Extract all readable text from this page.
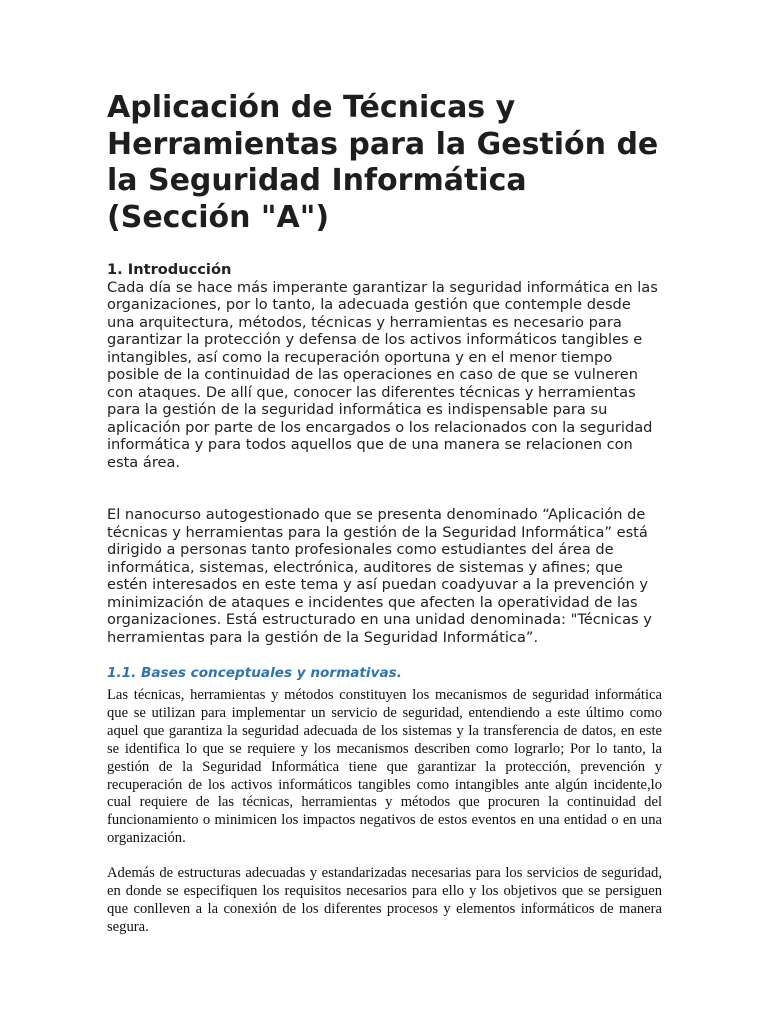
Aplicación de Técnicas y Herramientas para la Gestión de la Seguridad Informática (Sección "A")
1. Introducción

Cada día se hace más imperante garantizar la seguridad informática en las organizaciones, por lo tanto, la adecuada gestión que contemple desde una arquitectura, métodos, técnicas y herramientas es necesario para garantizar la protección y defensa de los activos informáticos tangibles e intangibles, así como la recuperación oportuna y en el menor tiempo posible de la continuidad de las operaciones en caso de que se vulneren con ataques. De allí que, conocer las diferentes técnicas y herramientas para la gestión de la seguridad informática es indispensable para su aplicación por parte de los encargados o los relacionados con la seguridad informática y para todos aquellos que de una manera se relacionen con esta área.

El nanocurso autogestionado que se presenta denominado “Aplicación de técnicas y herramientas para la gestión de la Seguridad Informática” está dirigido a personas tanto profesionales como estudiantes del área de informática, sistemas, electrónica, auditores de sistemas y afines; que estén interesados en este tema y así puedan coadyuvar a la prevención y minimización de ataques e incidentes que afecten la operatividad de las organizaciones. Está estructurado en una unidad denominada: "Técnicas y herramientas para la gestión de la Seguridad Informática”.

1.1. Bases conceptuales y normativas.

Las técnicas, herramientas y métodos constituyen los mecanismos de seguridad informática que se utilizan para implementar un servicio de seguridad, entendiendo a este último como aquel que garantiza la seguridad adecuada de los sistemas y la transferencia de datos, en este se identifica lo que se requiere y los mecanismos describen como lograrlo; Por lo tanto, la gestión de la Seguridad Informática tiene que garantizar la protección, prevención y recuperación de los activos informáticos tangibles como intangibles ante algún incidente,lo cual requiere de las técnicas, herramientas y métodos que procuren la continuidad del funcionamiento o minimicen los impactos negativos de estos eventos en una entidad o en una organización.

Además de estructuras adecuadas y estandarizadas necesarias para los servicios de seguridad, en donde se especifiquen los requisitos necesarios para ello y los objetivos que se persiguen que conlleven a la conexión de los diferentes procesos y elementos informáticos de manera segura.
